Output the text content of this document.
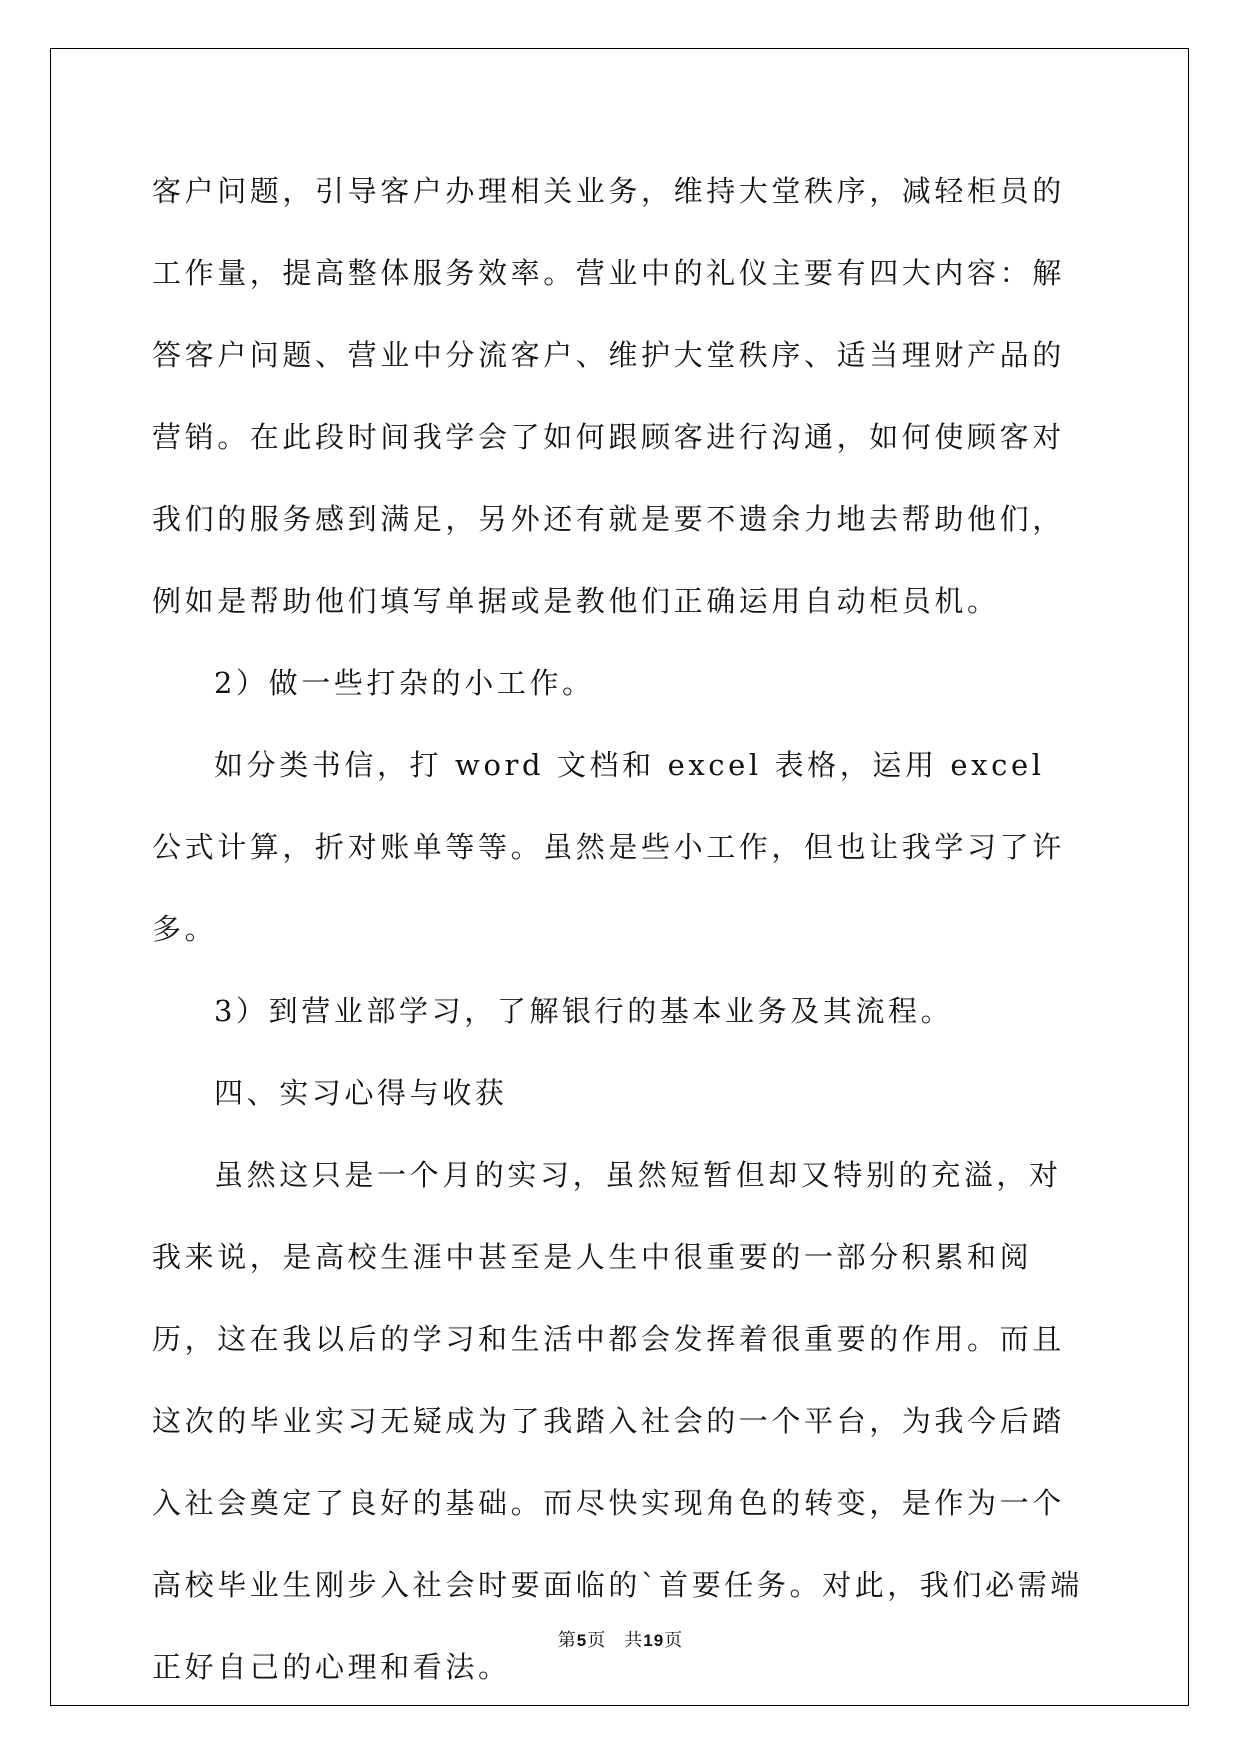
客户问题，引导客户办理相关业务，维持大堂秩序，减轻柜员的工作量，提高整体服务效率。营业中的礼仪主要有四大内容：解答客户问题、营业中分流客户、维护大堂秩序、适当理财产品的营销。在此段时间我学会了如何跟顾客进行沟通，如何使顾客对我们的服务感到满足，另外还有就是要不遗余力地去帮助他们，例如是帮助他们填写单据或是教他们正确运用自动柜员机。

2）做一些打杂的小工作。

如分类书信，打 word 文档和 excel 表格，运用 excel 公式计算，折对账单等等。虽然是些小工作，但也让我学习了许多。

3）到营业部学习，了解银行的基本业务及其流程。

四、实习心得与收获

虽然这只是一个月的实习，虽然短暂但却又特别的充溢，对我来说，是高校生涯中甚至是人生中很重要的一部分积累和阅历，这在我以后的学习和生活中都会发挥着很重要的作用。而且这次的毕业实习无疑成为了我踏入社会的一个平台，为我今后踏入社会奠定了良好的基础。而尽快实现角色的转变，是作为一个高校毕业生刚步入社会时要面临的`首要任务。对此，我们必需端正好自己的心理和看法。

第5页 共19页
